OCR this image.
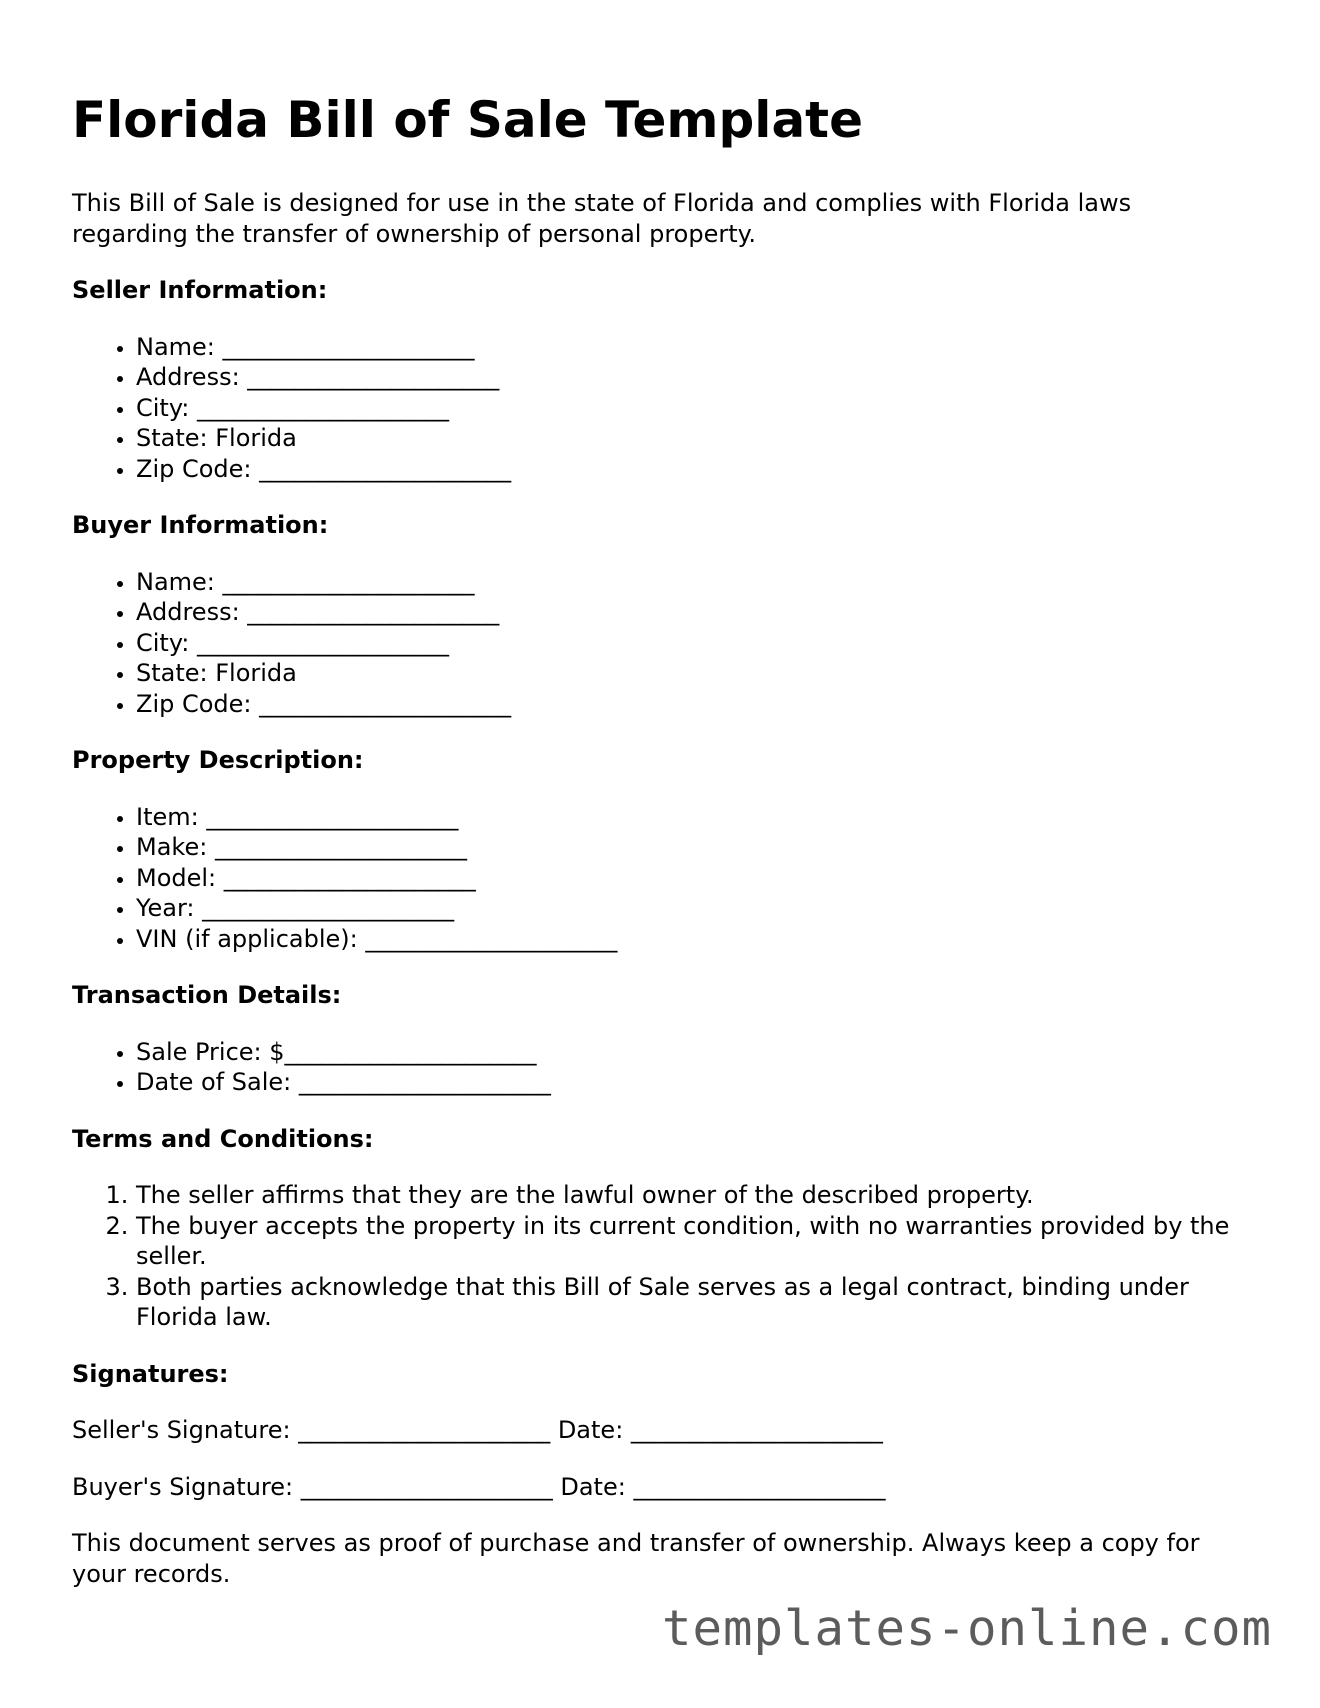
Florida Bill of Sale Template

This Bill of Sale is designed for use in the state of Florida and complies with Florida laws regarding the transfer of ownership of personal property.

Seller Information:
• Name: _____________________
• Address: _____________________
• City: _____________________
• State: Florida
• Zip Code: _____________________
Buyer Information:
• Name: _____________________
• Address: _____________________
• City: _____________________
• State: Florida
• Zip Code: _____________________
Property Description:
• Item: _____________________
• Make: _____________________
• Model: _____________________
• Year: _____________________
• VIN (if applicable): _____________________
Transaction Details:
• Sale Price: $_____________________
• Date of Sale: _____________________
Terms and Conditions:
1. The seller affirms that they are the lawful owner of the described property.
2. The buyer accepts the property in its current condition, with no warranties provided by the seller.
3. Both parties acknowledge that this Bill of Sale serves as a legal contract, binding under Florida law.
Signatures:

Seller's Signature: _____________________ Date: _____________________

Buyer's Signature: _____________________ Date: _____________________

This document serves as proof of purchase and transfer of ownership. Always keep a copy for your records.

templates-online.com
